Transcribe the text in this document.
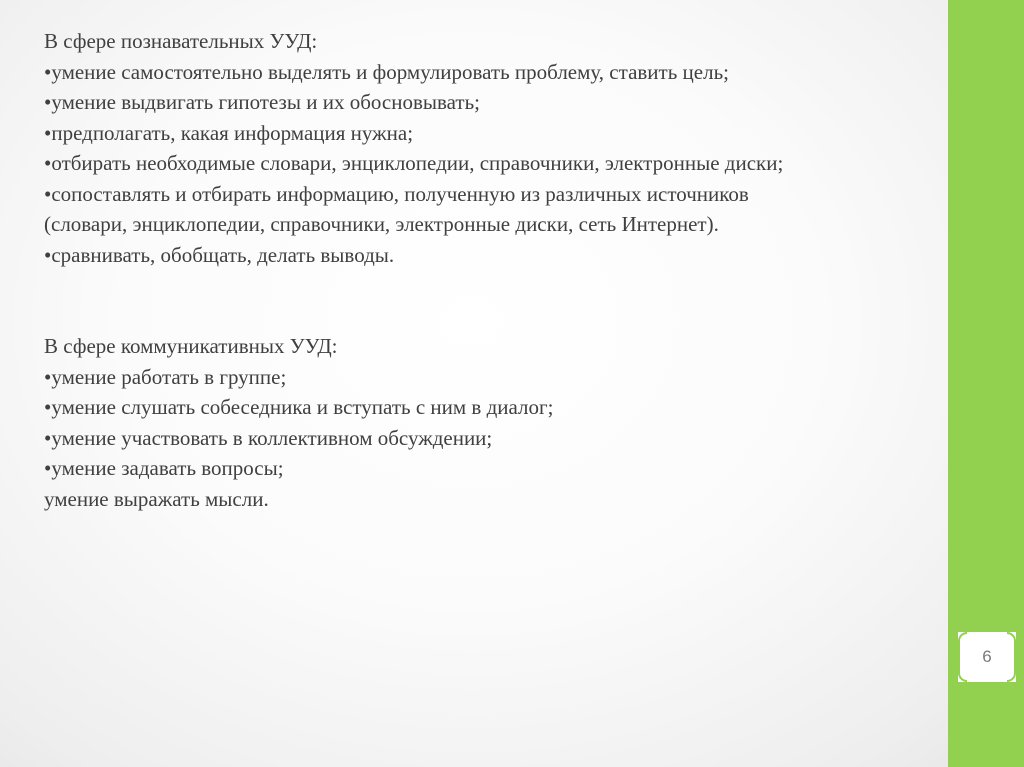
В сфере познавательных УУД:

•умение самостоятельно выделять и формулировать проблему, ставить цель;

•умение выдвигать гипотезы и их обосновывать;

•предполагать, какая информация нужна;

•отбирать необходимые словари, энциклопедии, справочники, электронные диски;

•сопоставлять и отбирать информацию, полученную из различных источников

(словари, энциклопедии, справочники, электронные диски, сеть Интернет).

•сравнивать, обобщать, делать выводы.

В сфере коммуникативных УУД:

•умение работать в группе;

•умение слушать собеседника и вступать с ним в диалог;

•умение участвовать в коллективном обсуждении;

•умение задавать вопросы;

умение выражать мысли.

6
